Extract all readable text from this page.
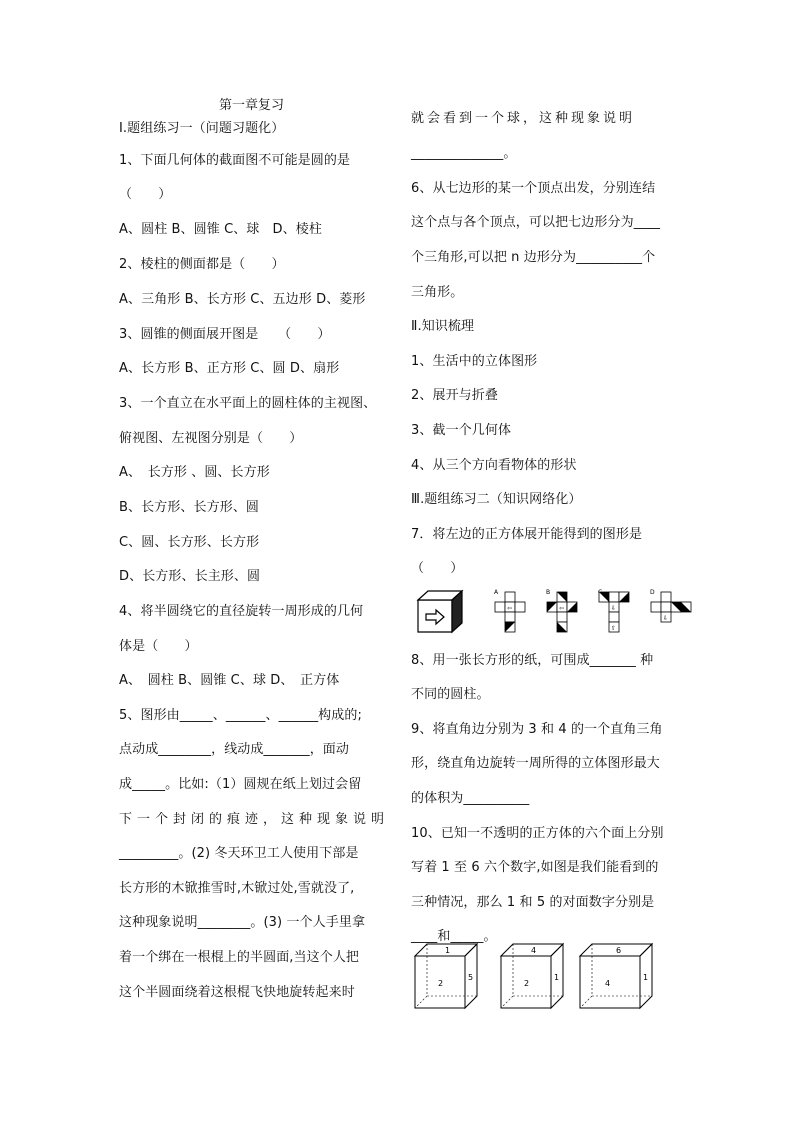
第一章复习
Ⅰ.题组练习一（问题习题化）
1、下面几何体的截面图不可能是圆的是
（　　）
A、圆柱 B、圆锥 C、球　D、棱柱
2、棱柱的侧面都是（　　）
A、三角形 B、长方形 C、五边形 D、菱形
3、圆锥的侧面展开图是　　（　　）
A、长方形 B、正方形 C、圆 D、扇形
3、一个直立在水平面上的圆柱体的主视图、
俯视图、左视图分别是（　　）
A、　长方形 、圆、长方形
B、长方形、长方形、圆
C、圆、长方形、长方形
D、长方形、长主形、圆
4、将半圆绕它的直径旋转一周形成的几何
体是（　　）
A、　圆柱 B、圆锥 C、球 D、　正方体
5、图形由_____、______、______构成的;
点动成________，线动成_______，面动
成_____。比如:（1）圆规在纸上划过会留
下一个封闭的痕迹，这种现象说明
_________。(2) 冬天环卫工人使用下部是
长方形的木锨推雪时,木锨过处,雪就没了,
这种现象说明________。(3) 一个人手里拿
着一个绑在一根棍上的半圆面,当这个人把
这个半圆面绕着这根棍飞快地旋转起来时
就会看到一个球，这种现象说明
______________。
6、从七边形的某一个顶点出发，分别连结
这个点与各个顶点，可以把七边形分为____
个三角形,可以把 n 边形分为__________个
三角形。
Ⅱ.知识梳理
1、生活中的立体图形
2、展开与折叠
3、截一个几何体
4、从三个方向看物体的形状
Ⅲ.题组练习二（知识网络化）
7．将左边的正方体展开能得到的图形是
（　　）
8、用一张长方形的纸，可围成_______ 种
不同的圆柱。
9、将直角边分别为 3 和 4 的一个直角三角
形，绕直角边旋转一周所得的立体图形最大
的体积为__________
10、已知一不透明的正方体的六个面上分别
写着 1 至 6 六个数字,如图是我们能看到的
三种情况，那么 1 和 5 的对面数字分别是
____和_____。
A
⇦
B
⇦	⇩
⇧
D
⇩
1
2
5
4
2
1
6
4
1
